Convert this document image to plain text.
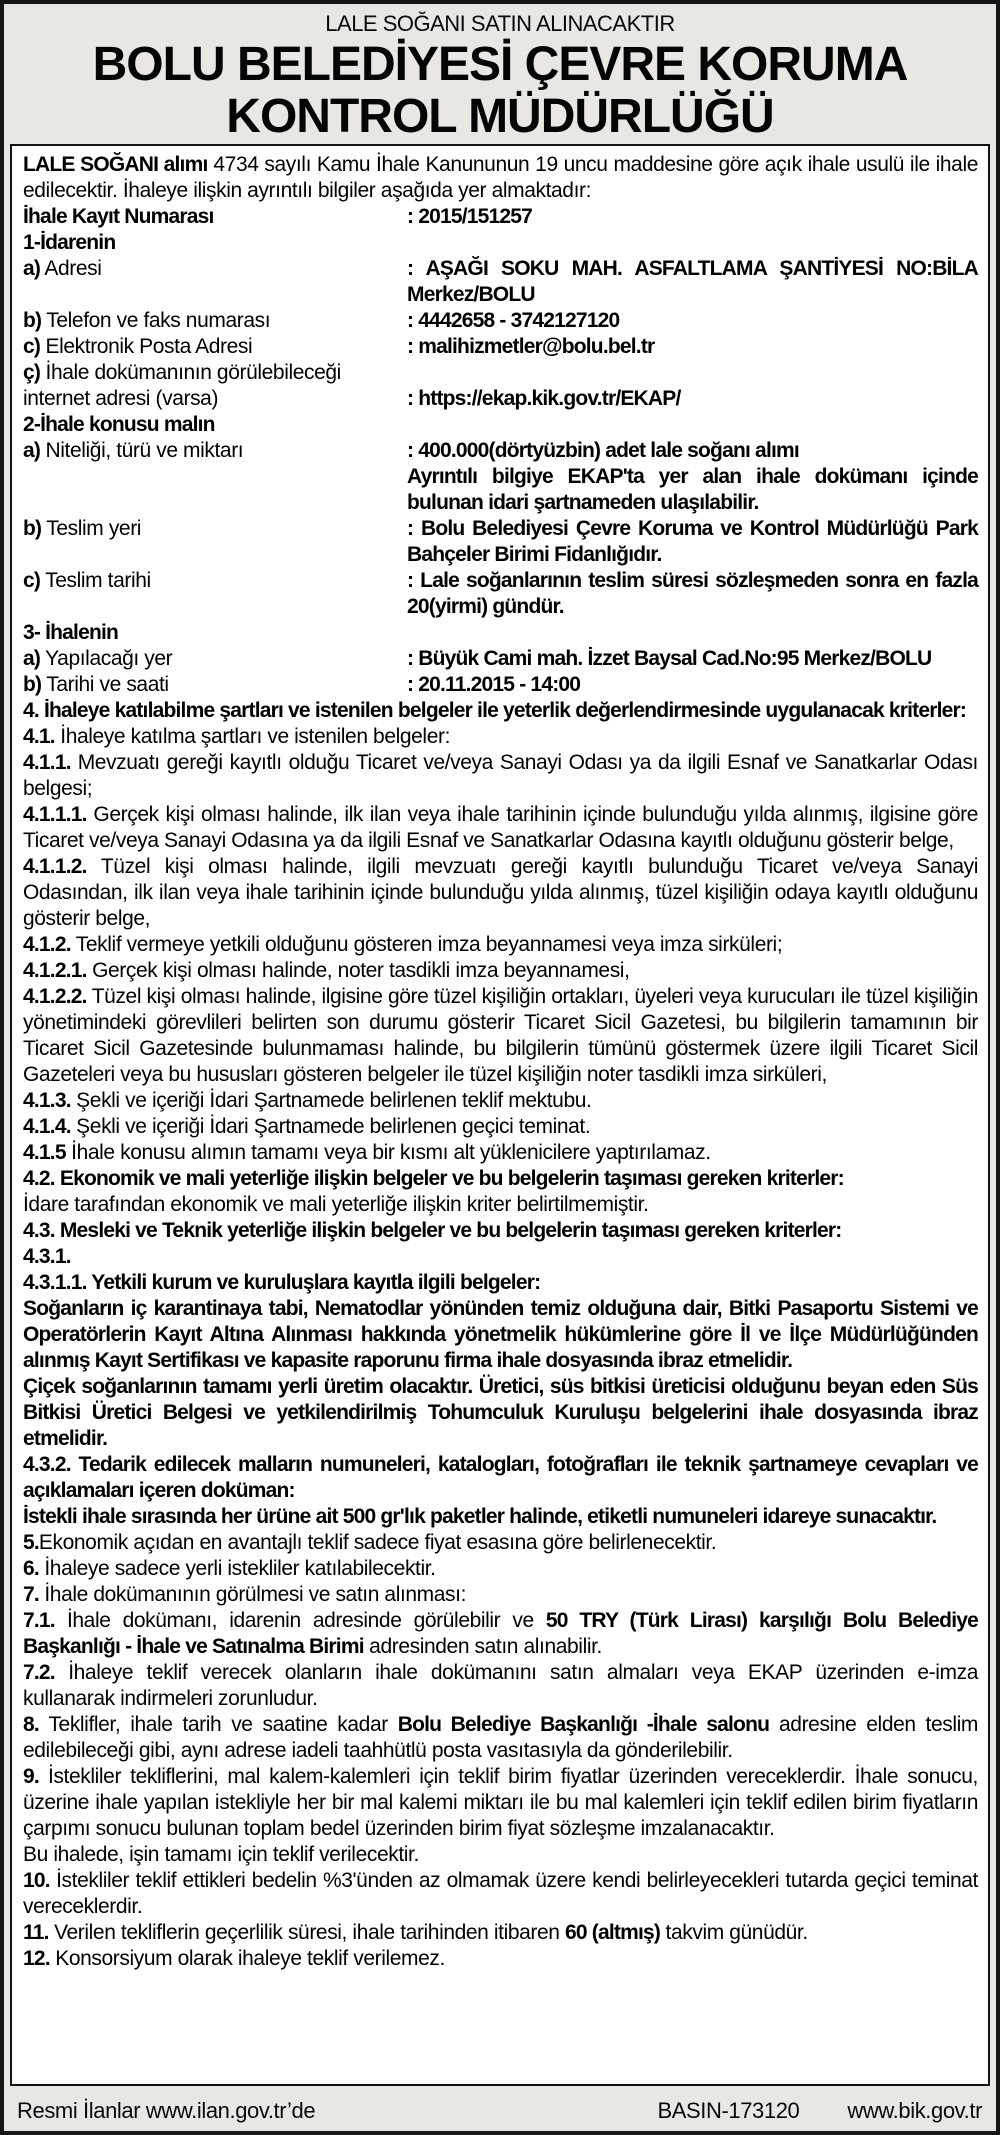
LALE SOĞANI SATIN ALINACAKTIR
BOLU BELEDİYESİ ÇEVRE KORUMA
KONTROL MÜDÜRLÜĞÜ

LALE SOĞANI alımı 4734 sayılı Kamu İhale Kanununun 19 uncu maddesine göre açık ihale usulü ile ihale edilecektir. İhaleye ilişkin ayrıntılı bilgiler aşağıda yer almaktadır:

İhale Kayıt Numarası	: 2015/151257
1-İdarenin
a) Adresi	: AŞAĞI SOKU MAH. ASFALTLAMA ŞANTİYESİ NO:BİLA Merkez/BOLU
b) Telefon ve faks numarası	: 4442658 - 3742127120
c) Elektronik Posta Adresi	: malihizmetler@bolu.bel.tr
ç) İhale dokümanının görülebileceği internet adresi (varsa)	: https://ekap.kik.gov.tr/EKAP/
2-İhale konusu malın
a) Niteliği, türü ve miktarı	: 400.000(dörtyüzbin) adet lale soğanı alımı
Ayrıntılı bilgiye EKAP'ta yer alan ihale dokümanı içinde bulunan idari şartnameden ulaşılabilir.
b) Teslim yeri	: Bolu Belediyesi Çevre Koruma ve Kontrol Müdürlüğü Park Bahçeler Birimi Fidanlığıdır.
c) Teslim tarihi	: Lale soğanlarının teslim süresi sözleşmeden sonra en fazla 20(yirmi) gündür.
3- İhalenin
a) Yapılacağı yer	: Büyük Cami mah. İzzet Baysal Cad.No:95 Merkez/BOLU
b) Tarihi ve saati	: 20.11.2015 - 14:00

4. İhaleye katılabilme şartları ve istenilen belgeler ile yeterlik değerlendirmesinde uygulanacak kriterler:

4.1. İhaleye katılma şartları ve istenilen belgeler:

4.1.1. Mevzuatı gereği kayıtlı olduğu Ticaret ve/veya Sanayi Odası ya da ilgili Esnaf ve Sanatkarlar Odası belgesi;

4.1.1.1. Gerçek kişi olması halinde, ilk ilan veya ihale tarihinin içinde bulunduğu yılda alınmış, ilgisine göre Ticaret ve/veya Sanayi Odasına ya da ilgili Esnaf ve Sanatkarlar Odasına kayıtlı olduğunu gösterir belge,

4.1.1.2. Tüzel kişi olması halinde, ilgili mevzuatı gereği kayıtlı bulunduğu Ticaret ve/veya Sanayi Odasından, ilk ilan veya ihale tarihinin içinde bulunduğu yılda alınmış, tüzel kişiliğin odaya kayıtlı olduğunu gösterir belge,

4.1.2. Teklif vermeye yetkili olduğunu gösteren imza beyannamesi veya imza sirküleri;

4.1.2.1. Gerçek kişi olması halinde, noter tasdikli imza beyannamesi,

4.1.2.2. Tüzel kişi olması halinde, ilgisine göre tüzel kişiliğin ortakları, üyeleri veya kurucuları ile tüzel kişiliğin yönetimindeki görevlileri belirten son durumu gösterir Ticaret Sicil Gazetesi, bu bilgilerin tamamının bir Ticaret Sicil Gazetesinde bulunmaması halinde, bu bilgilerin tümünü göstermek üzere ilgili Ticaret Sicil Gazeteleri veya bu hususları gösteren belgeler ile tüzel kişiliğin noter tasdikli imza sirküleri,

4.1.3. Şekli ve içeriği İdari Şartnamede belirlenen teklif mektubu.

4.1.4. Şekli ve içeriği İdari Şartnamede belirlenen geçici teminat.

4.1.5 İhale konusu alımın tamamı veya bir kısmı alt yüklenicilere yaptırılamaz.

4.2. Ekonomik ve mali yeterliğe ilişkin belgeler ve bu belgelerin taşıması gereken kriterler:

İdare tarafından ekonomik ve mali yeterliğe ilişkin kriter belirtilmemiştir.

4.3. Mesleki ve Teknik yeterliğe ilişkin belgeler ve bu belgelerin taşıması gereken kriterler:

4.3.1.

4.3.1.1. Yetkili kurum ve kuruluşlara kayıtla ilgili belgeler:

Soğanların iç karantinaya tabi, Nematodlar yönünden temiz olduğuna dair, Bitki Pasaportu Sistemi ve Operatörlerin Kayıt Altına Alınması hakkında yönetmelik hükümlerine göre İl ve İlçe Müdürlüğünden alınmış Kayıt Sertifikası ve kapasite raporunu firma ihale dosyasında ibraz etmelidir.

Çiçek soğanlarının tamamı yerli üretim olacaktır. Üretici, süs bitkisi üreticisi olduğunu beyan eden Süs Bitkisi Üretici Belgesi ve yetkilendirilmiş Tohumculuk Kuruluşu belgelerini ihale dosyasında ibraz etmelidir.

4.3.2. Tedarik edilecek malların numuneleri, katalogları, fotoğrafları ile teknik şartnameye cevapları ve açıklamaları içeren doküman:

İstekli ihale sırasında her ürüne ait 500 gr'lık paketler halinde, etiketli numuneleri idareye sunacaktır.

5.Ekonomik açıdan en avantajlı teklif sadece fiyat esasına göre belirlenecektir.

6. İhaleye sadece yerli istekliler katılabilecektir.

7. İhale dokümanının görülmesi ve satın alınması:

7.1. İhale dokümanı, idarenin adresinde görülebilir ve 50 TRY (Türk Lirası) karşılığı Bolu Belediye Başkanlığı - İhale ve Satınalma Birimi adresinden satın alınabilir.

7.2. İhaleye teklif verecek olanların ihale dokümanını satın almaları veya EKAP üzerinden e-imza kullanarak indirmeleri zorunludur.

8. Teklifler, ihale tarih ve saatine kadar Bolu Belediye Başkanlığı -İhale salonu adresine elden teslim edilebileceği gibi, aynı adrese iadeli taahhütlü posta vasıtasıyla da gönderilebilir.

9. İstekliler tekliflerini, mal kalem-kalemleri için teklif birim fiyatlar üzerinden vereceklerdir. İhale sonucu, üzerine ihale yapılan istekliyle her bir mal kalemi miktarı ile bu mal kalemleri için teklif edilen birim fiyatların çarpımı sonucu bulunan toplam bedel üzerinden birim fiyat sözleşme imzalanacaktır.

Bu ihalede, işin tamamı için teklif verilecektir.

10. İstekliler teklif ettikleri bedelin %3'ünden az olmamak üzere kendi belirleyecekleri tutarda geçici teminat vereceklerdir.

11. Verilen tekliflerin geçerlilik süresi, ihale tarihinden itibaren 60 (altmış) takvim günüdür.

12. Konsorsiyum olarak ihaleye teklif verilemez.

Resmi İlanlar www.ilan.gov.tr’de	BASIN-173120 www.bik.gov.tr
